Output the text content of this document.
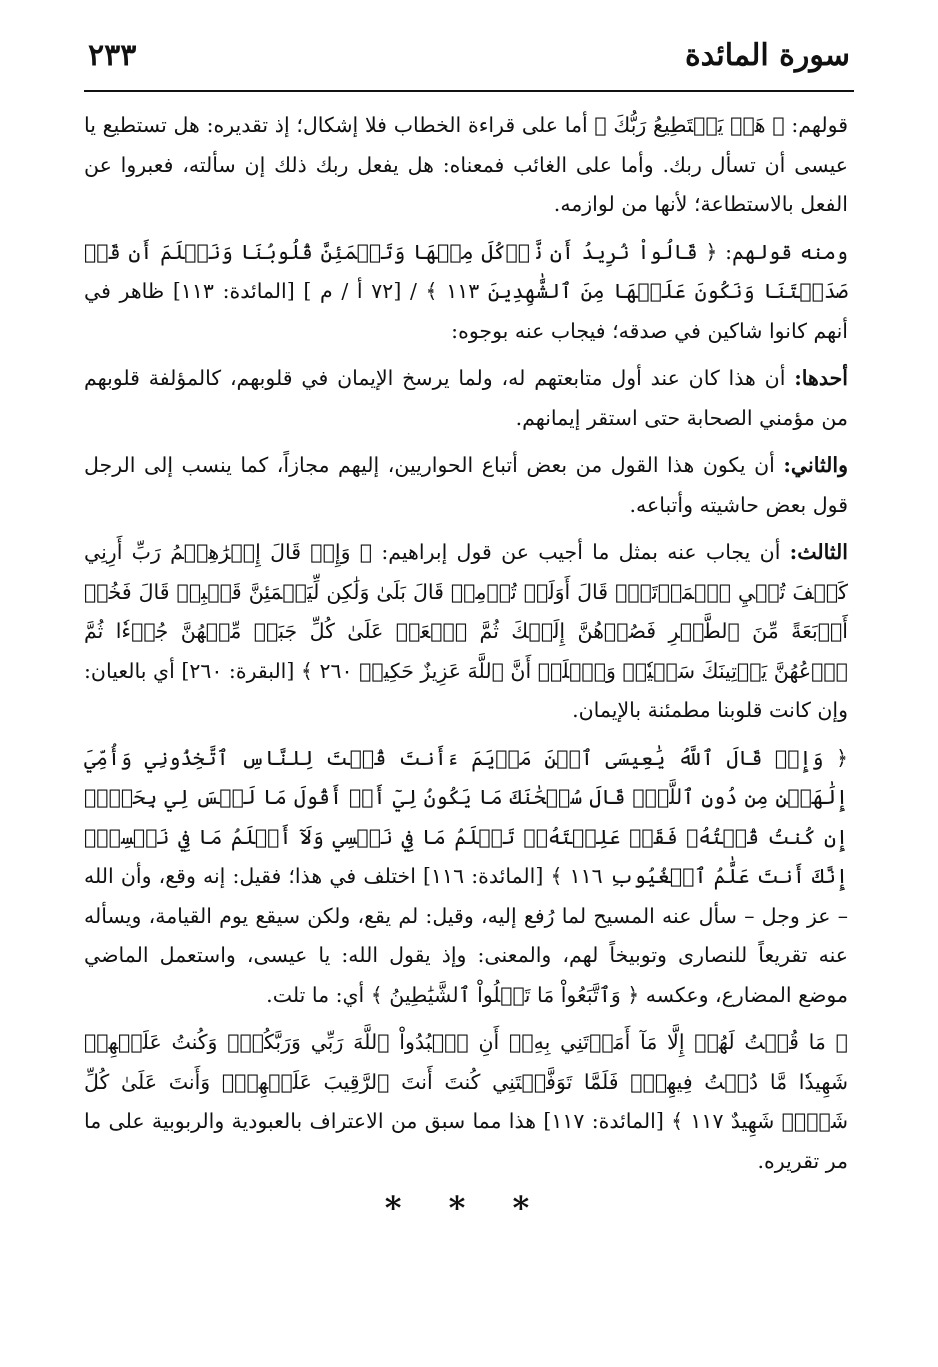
سورة المائدة
٢٣٣

قولهم: ﴿ هَلۡ يَسۡتَطِيعُ رَبُّكَ ﴾ أما على قراءة الخطاب فلا إشكال؛ إذ تقديره: هل تستطيع يا عيسى أن تسأل ربك. وأما على الغائب فمعناه: هل يفعل ربك ذلك إن سألته، فعبروا عن الفعل بالاستطاعة؛ لأنها من لوازمه.

ومنه قولهم: ﴿ قَالُواْ نُرِيدُ أَن نَّأۡكُلَ مِنۡهَا وَتَطۡمَئِنَّ قُلُوبُنَا وَنَعۡلَمَ أَن قَدۡ صَدَقۡتَنَا وَنَكُونَ عَلَيۡهَا مِنَ ٱلشَّٰهِدِينَ ١١٣ ﴾ / [٧٢ أ / م ] [المائدة: ١١٣] ظاهر في أنهم كانوا شاكين في صدقه؛ فيجاب عنه بوجوه:

أحدها: أن هذا كان عند أول متابعتهم له، ولما يرسخ الإيمان في قلوبهم، كالمؤلفة قلوبهم من مؤمني الصحابة حتى استقر إيمانهم.

والثاني: أن يكون هذا القول من بعض أتباع الحواريين، إليهم مجازاً، كما ينسب إلى الرجل قول بعض حاشيته وأتباعه.

الثالث: أن يجاب عنه بمثل ما أجيب عن قول إبراهيم: ﴿ وَإِذۡ قَالَ إِبۡرَٰهِـۧمُ رَبِّ أَرِنِي كَيۡفَ تُحۡيِ ٱلۡمَوۡتَىٰۖ قَالَ أَوَلَمۡ تُؤۡمِنۖ قَالَ بَلَىٰ وَلَٰكِن لِّيَطۡمَئِنَّ قَلۡبِيۖ قَالَ فَخُذۡ أَرۡبَعَةً مِّنَ ٱلطَّيۡرِ فَصُرۡهُنَّ إِلَيۡكَ ثُمَّ ٱجۡعَلۡ عَلَىٰ كُلِّ جَبَلٖ مِّنۡهُنَّ جُزۡءٗا ثُمَّ ٱدۡعُهُنَّ يَأۡتِينَكَ سَعۡيٗاۚ وَٱعۡلَمۡ أَنَّ ٱللَّهَ عَزِيزٌ حَكِيمٞ ٢٦٠ ﴾ [البقرة: ٢٦٠] أي بالعيان: وإن كانت قلوبنا مطمئنة بالإيمان.

﴿ وَإِذۡ قَالَ ٱللَّهُ يَٰعِيسَى ٱبۡنَ مَرۡيَمَ ءَأَنتَ قُلۡتَ لِلنَّاسِ ٱتَّخِذُونِي وَأُمِّيَ إِلَٰهَيۡنِ مِن دُونِ ٱللَّهِۖ قَالَ سُبۡحَٰنَكَ مَا يَكُونُ لِيٓ أَنۡ أَقُولَ مَا لَيۡسَ لِي بِحَقٍّۚ إِن كُنتُ قُلۡتُهُۥ فَقَدۡ عَلِمۡتَهُۥۚ تَعۡلَمُ مَا فِي نَفۡسِي وَلَآ أَعۡلَمُ مَا فِي نَفۡسِكَۚ إِنَّكَ أَنتَ عَلَّٰمُ ٱلۡغُيُوبِ ١١٦ ﴾ [المائدة: ١١٦] اختلف في هذا؛ فقيل: إنه وقع، وأن الله – عز وجل – سأل عنه المسيح لما رُفع إليه، وقيل: لم يقع، ولكن سيقع يوم القيامة، ويسأله عنه تقريعاً للنصارى وتوبيخاً لهم، والمعنى: وإذ يقول الله: يا عيسى، واستعمل الماضي موضع المضارع، وعكسه ﴿ وَٱتَّبَعُواْ مَا تَتۡلُواْ ٱلشَّيَٰطِينُ ﴾ أي: ما تلت.

﴿ مَا قُلۡتُ لَهُمۡ إِلَّا مَآ أَمَرۡتَنِي بِهِۦٓ أَنِ ٱعۡبُدُواْ ٱللَّهَ رَبِّي وَرَبَّكُمۡۚ وَكُنتُ عَلَيۡهِمۡ شَهِيدٗا مَّا دُمۡتُ فِيهِمۡۖ فَلَمَّا تَوَفَّيۡتَنِي كُنتَ أَنتَ ٱلرَّقِيبَ عَلَيۡهِمۡۚ وَأَنتَ عَلَىٰ كُلِّ شَيۡءٖ شَهِيدٌ ١١٧ ﴾ [المائدة: ١١٧] هذا مما سبق من الاعتراف بالعبودية والربوبية على ما مر تقريره.

* * *
